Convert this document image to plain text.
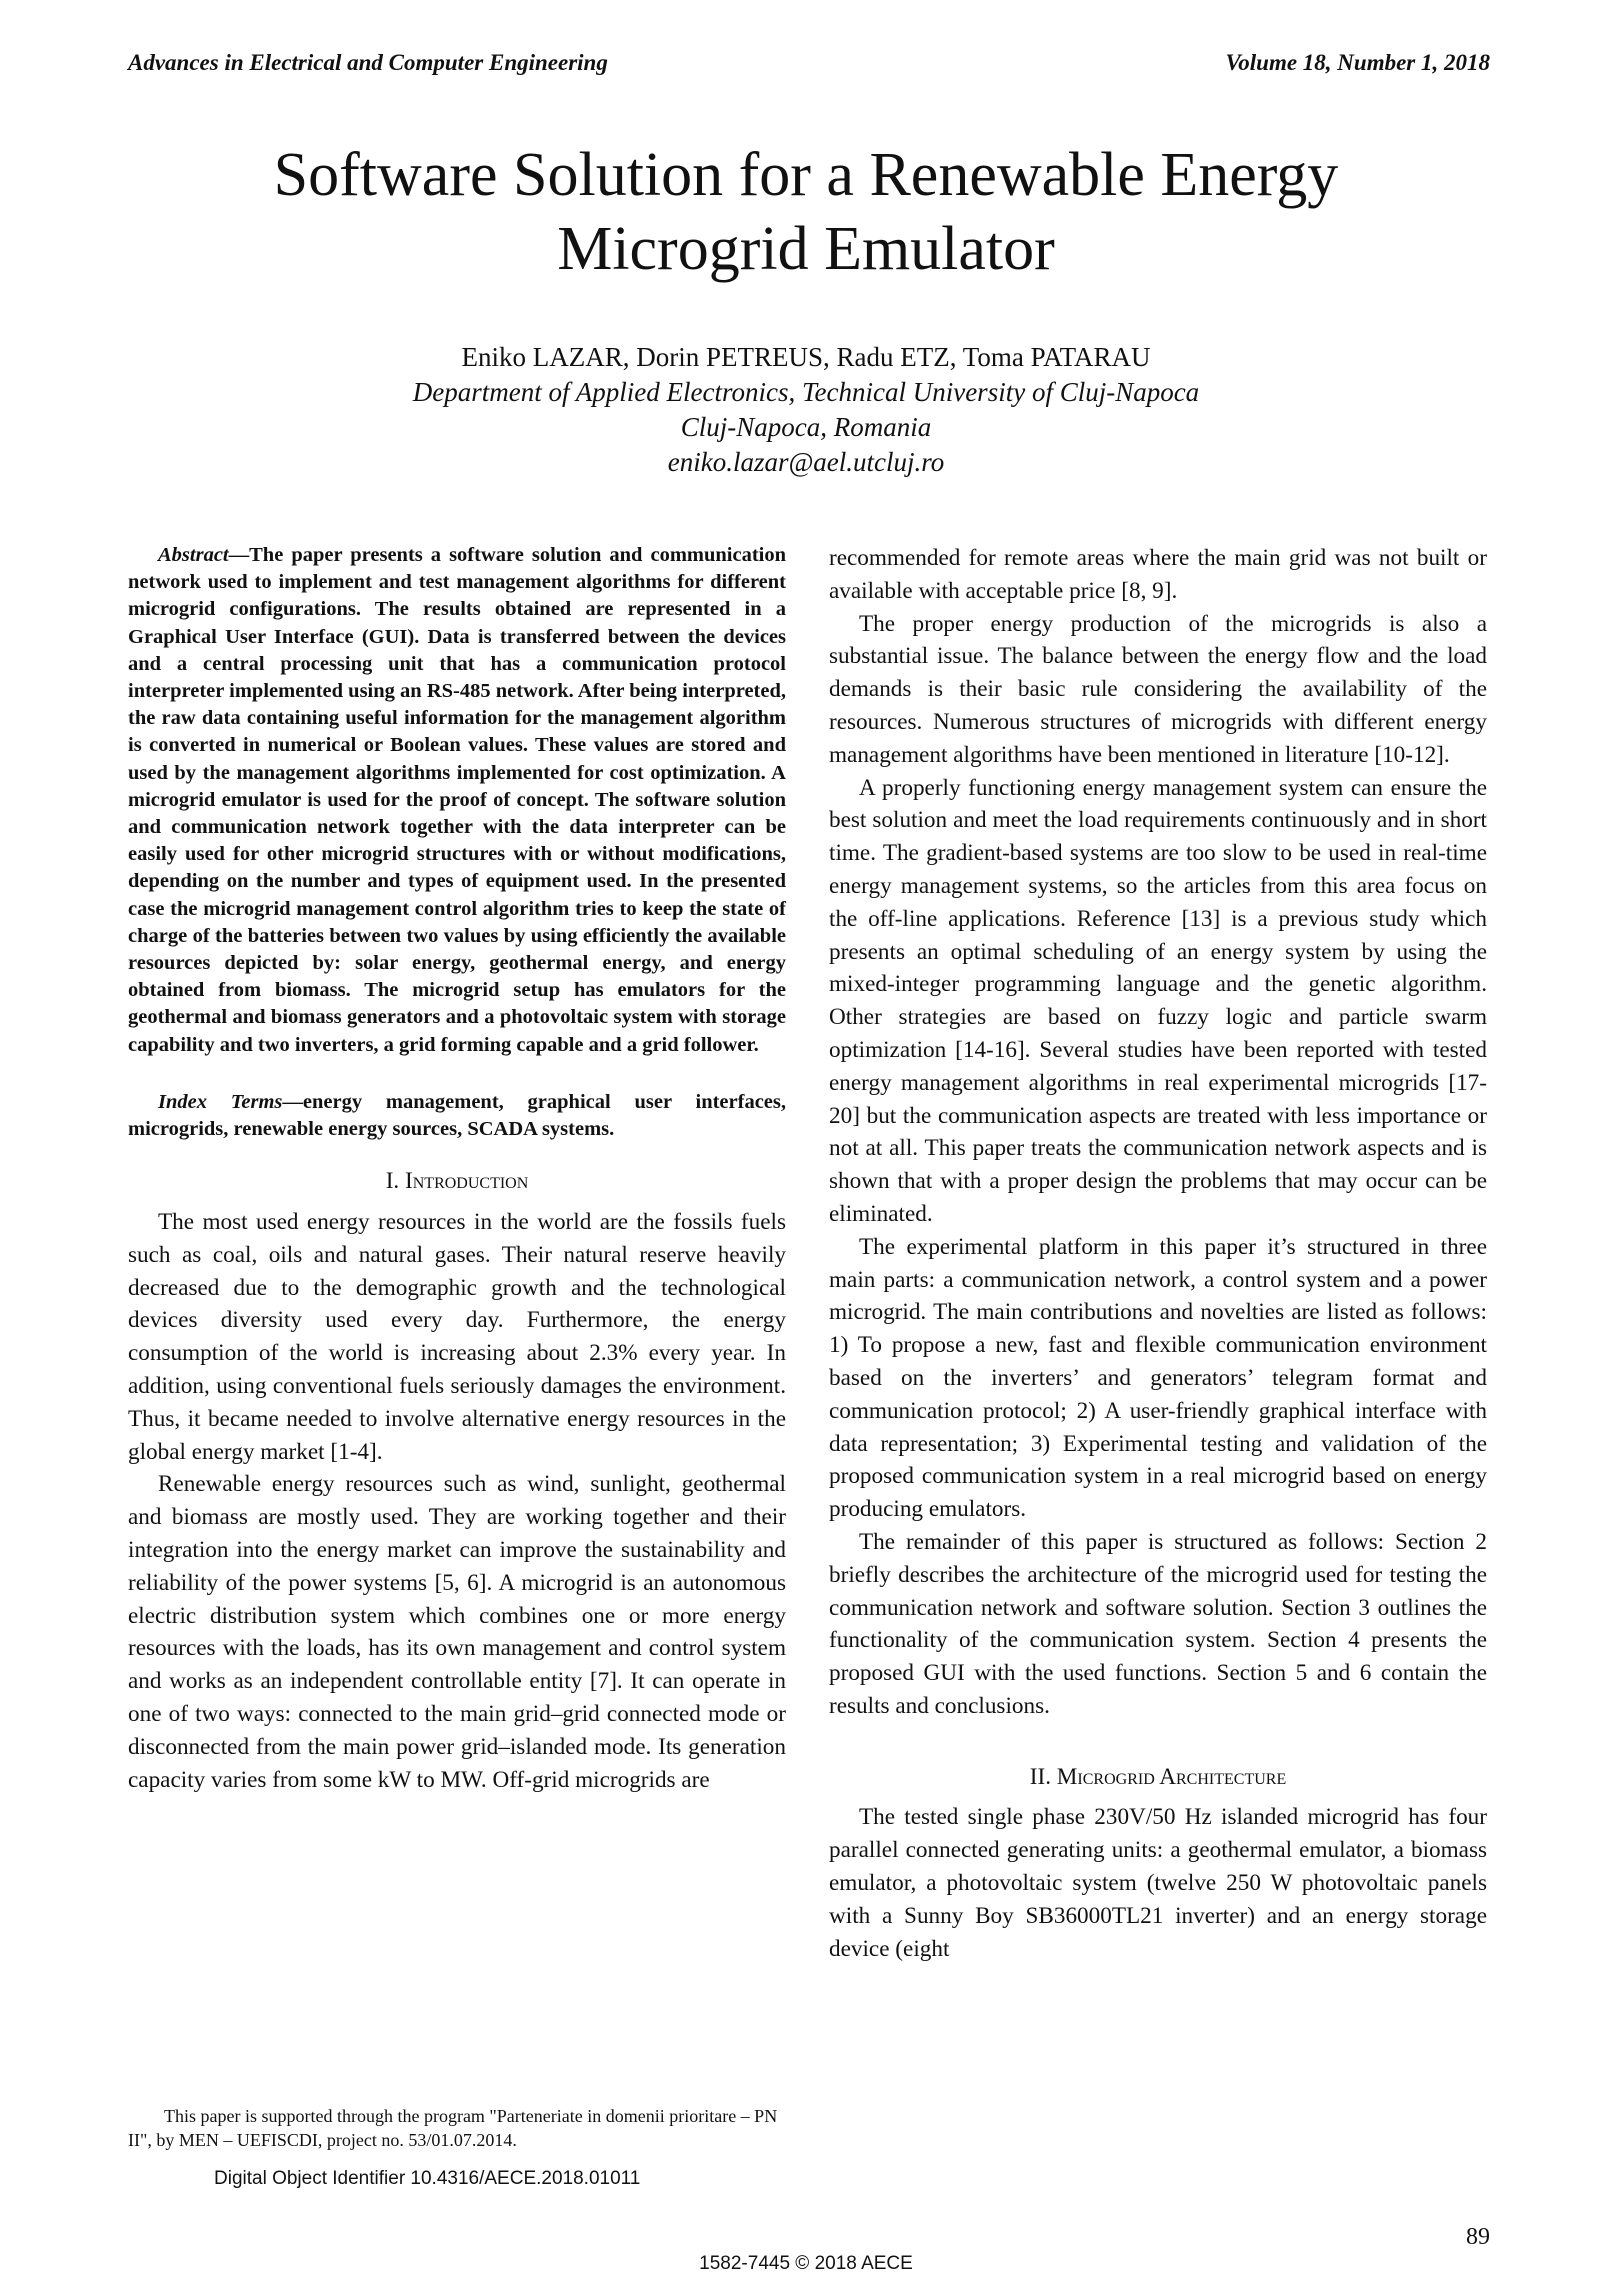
Advances in Electrical and Computer Engineering	Volume 18, Number 1, 2018
Software Solution for a Renewable Energy
Microgrid Emulator
Eniko LAZAR, Dorin PETREUS, Radu ETZ, Toma PATARAU
Department of Applied Electronics, Technical University of Cluj-Napoca
Cluj-Napoca, Romania
eniko.lazar@ael.utcluj.ro

Abstract—The paper presents a software solution and communication network used to implement and test management algorithms for different microgrid configurations. The results obtained are represented in a Graphical User Interface (GUI). Data is transferred between the devices and a central processing unit that has a communication protocol interpreter implemented using an RS-485 network. After being interpreted, the raw data containing useful information for the management algorithm is converted in numerical or Boolean values. These values are stored and used by the management algorithms implemented for cost optimization. A microgrid emulator is used for the proof of concept. The software solution and communication network together with the data interpreter can be easily used for other microgrid structures with or without modifications, depending on the number and types of equipment used. In the presented case the microgrid management control algorithm tries to keep the state of charge of the batteries between two values by using efficiently the available resources depicted by: solar energy, geothermal energy, and energy obtained from biomass. The microgrid setup has emulators for the geothermal and biomass generators and a photovoltaic system with storage capability and two inverters, a grid forming capable and a grid follower.

Index Terms—energy management, graphical user interfaces, microgrids, renewable energy sources, SCADA systems.

I. Introduction

The most used energy resources in the world are the fossils fuels such as coal, oils and natural gases. Their natural reserve heavily decreased due to the demographic growth and the technological devices diversity used every day. Furthermore, the energy consumption of the world is increasing about 2.3% every year. In addition, using conventional fuels seriously damages the environment. Thus, it became needed to involve alternative energy resources in the global energy market [1-4].

Renewable energy resources such as wind, sunlight, geothermal and biomass are mostly used. They are working together and their integration into the energy market can improve the sustainability and reliability of the power systems [5, 6]. A microgrid is an autonomous electric distribution system which combines one or more energy resources with the loads, has its own management and control system and works as an independent controllable entity [7]. It can operate in one of two ways: connected to the main grid–grid connected mode or disconnected from the main power grid–islanded mode. Its generation capacity varies from some kW to MW. Off-grid microgrids are

recommended for remote areas where the main grid was not built or available with acceptable price [8, 9].

The proper energy production of the microgrids is also a substantial issue. The balance between the energy flow and the load demands is their basic rule considering the availability of the resources. Numerous structures of microgrids with different energy management algorithms have been mentioned in literature [10-12].

A properly functioning energy management system can ensure the best solution and meet the load requirements continuously and in short time. The gradient-based systems are too slow to be used in real-time energy management systems, so the articles from this area focus on the off-line applications. Reference [13] is a previous study which presents an optimal scheduling of an energy system by using the mixed-integer programming language and the genetic algorithm. Other strategies are based on fuzzy logic and particle swarm optimization [14-16]. Several studies have been reported with tested energy management algorithms in real experimental microgrids [17-20] but the communication aspects are treated with less importance or not at all. This paper treats the communication network aspects and is shown that with a proper design the problems that may occur can be eliminated.

The experimental platform in this paper it’s structured in three main parts: a communication network, a control system and a power microgrid. The main contributions and novelties are listed as follows: 1) To propose a new, fast and flexible communication environment based on the inverters’ and generators’ telegram format and communication protocol; 2) A user-friendly graphical interface with data representation; 3) Experimental testing and validation of the proposed communication system in a real microgrid based on energy producing emulators.

The remainder of this paper is structured as follows: Section 2 briefly describes the architecture of the microgrid used for testing the communication network and software solution. Section 3 outlines the functionality of the communication system. Section 4 presents the proposed GUI with the used functions. Section 5 and 6 contain the results and conclusions.

II. Microgrid Architecture

The tested single phase 230V/50 Hz islanded microgrid has four parallel connected generating units: a geothermal emulator, a biomass emulator, a photovoltaic system (twelve 250 W photovoltaic panels with a Sunny Boy SB36000TL21 inverter) and an energy storage device (eight

This paper is supported through the program "Parteneriate in domenii prioritare – PN II", by MEN – UEFISCDI, project no. 53/01.07.2014.
Digital Object Identifier 10.4316/AECE.2018.01011
89
1582-7445 © 2018 AECE
